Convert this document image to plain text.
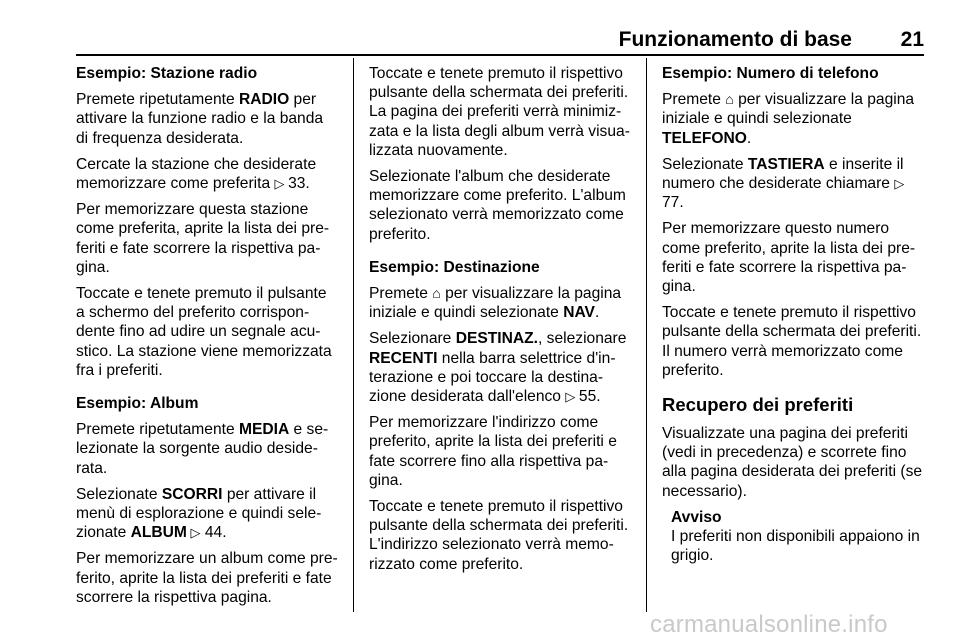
Funzionamento di base 21

Esempio: Stazione radio

Premete ripetutamente RADIO per attivare la funzione radio e la banda di frequenza desiderata.

Cercate la stazione che desiderate memorizzare come preferita ▷ 33.

Per memorizzare questa stazione come preferita, aprite la lista dei preferiti e fate scorrere la rispettiva pagina.

Toccate e tenete premuto il pulsante a schermo del preferito corrispondente fino ad udire un segnale acustico. La stazione viene memorizzata fra i preferiti.

Esempio: Album

Premete ripetutamente MEDIA e selezionate la sorgente audio desiderata.

Selezionate SCORRI per attivare il menù di esplorazione e quindi selezionate ALBUM ▷ 44.

Per memorizzare un album come preferito, aprite la lista dei preferiti e fate scorrere la rispettiva pagina.

Toccate e tenete premuto il rispettivo pulsante della schermata dei preferiti. La pagina dei preferiti verrà minimizzata e la lista degli album verrà visualizzata nuovamente.

Selezionate l'album che desiderate memorizzare come preferito. L'album selezionato verrà memorizzato come preferito.

Esempio: Destinazione

Premete ⌂ per visualizzare la pagina iniziale e quindi selezionate NAV.

Selezionare DESTINAZ., selezionare RECENTI nella barra selettrice d'interazione e poi toccare la destinazione desiderata dall'elenco ▷ 55.

Per memorizzare l'indirizzo come preferito, aprite la lista dei preferiti e fate scorrere fino alla rispettiva pagina.

Toccate e tenete premuto il rispettivo pulsante della schermata dei preferiti. L'indirizzo selezionato verrà memorizzato come preferito.

Esempio: Numero di telefono

Premete ⌂ per visualizzare la pagina iniziale e quindi selezionate TELEFONO.

Selezionate TASTIERA e inserite il numero che desiderate chiamare ▷ 77.

Per memorizzare questo numero come preferito, aprite la lista dei preferiti e fate scorrere la rispettiva pagina.

Toccate e tenete premuto il rispettivo pulsante della schermata dei preferiti. Il numero verrà memorizzato come preferito.

Recupero dei preferiti

Visualizzate una pagina dei preferiti (vedi in precedenza) e scorrete fino alla pagina desiderata dei preferiti (se necessario).

Avviso
I preferiti non disponibili appaiono in grigio.
carmanualsonline.info
